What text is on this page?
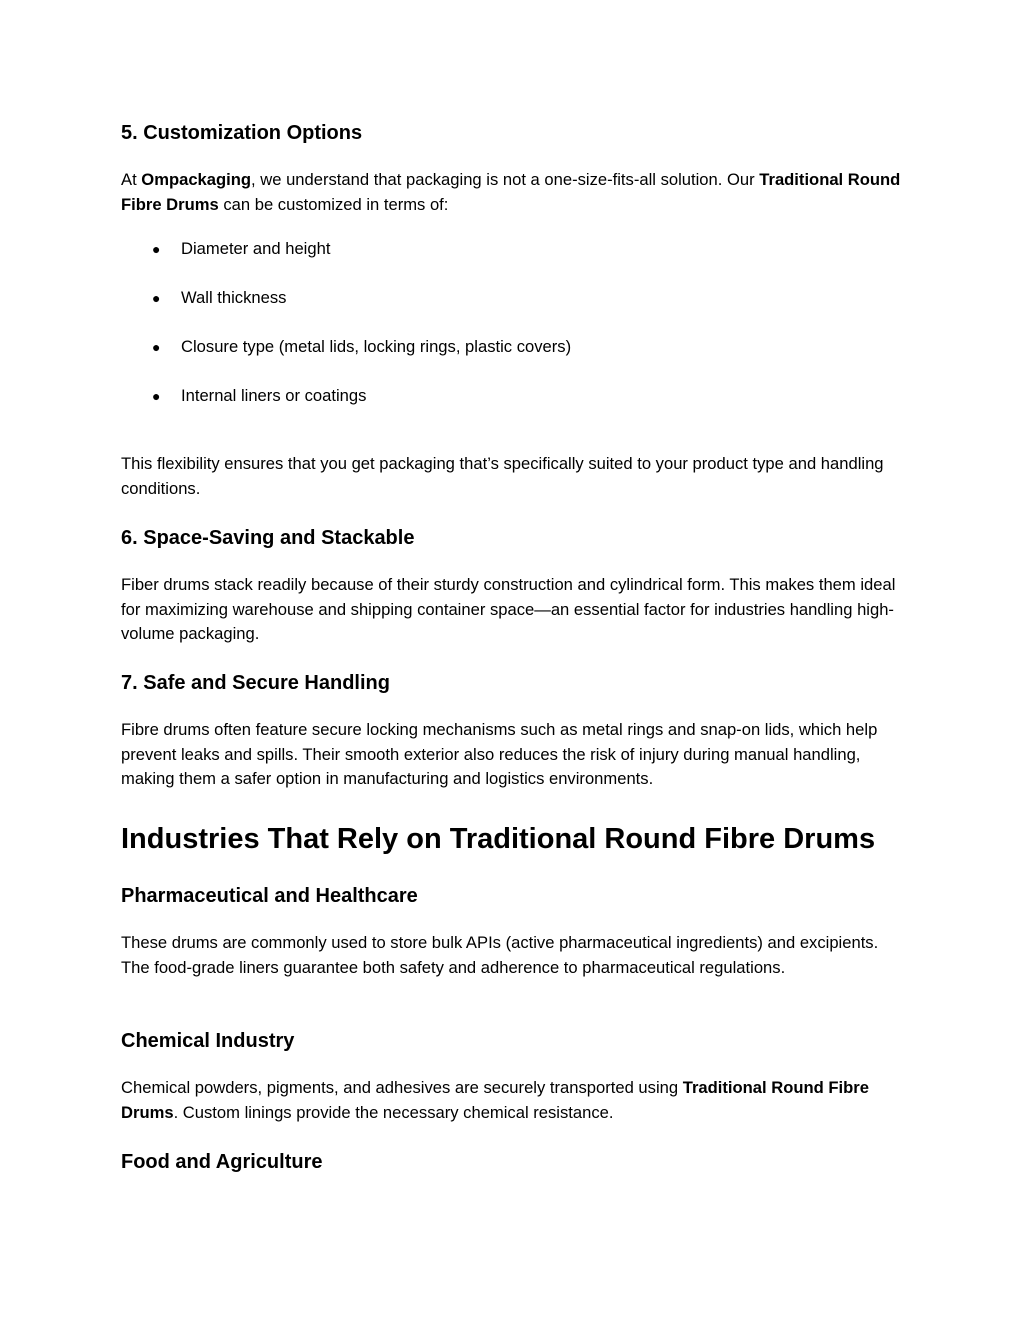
5. Customization Options

At Ompackaging, we understand that packaging is not a one-size-fits-all solution. Our Traditional Round Fibre Drums can be customized in terms of:

● Diameter and height
● Wall thickness
● Closure type (metal lids, locking rings, plastic covers)
● Internal liners or coatings

This flexibility ensures that you get packaging that’s specifically suited to your product type and handling conditions.

6. Space-Saving and Stackable

Fiber drums stack readily because of their sturdy construction and cylindrical form. This makes them ideal for maximizing warehouse and shipping container space—an essential factor for industries handling high-volume packaging.

7. Safe and Secure Handling

Fibre drums often feature secure locking mechanisms such as metal rings and snap-on lids, which help prevent leaks and spills. Their smooth exterior also reduces the risk of injury during manual handling, making them a safer option in manufacturing and logistics environments.

Industries That Rely on Traditional Round Fibre Drums
Pharmaceutical and Healthcare

These drums are commonly used to store bulk APIs (active pharmaceutical ingredients) and excipients. The food-grade liners guarantee both safety and adherence to pharmaceutical regulations.

Chemical Industry

Chemical powders, pigments, and adhesives are securely transported using Traditional Round Fibre Drums. Custom linings provide the necessary chemical resistance.

Food and Agriculture
